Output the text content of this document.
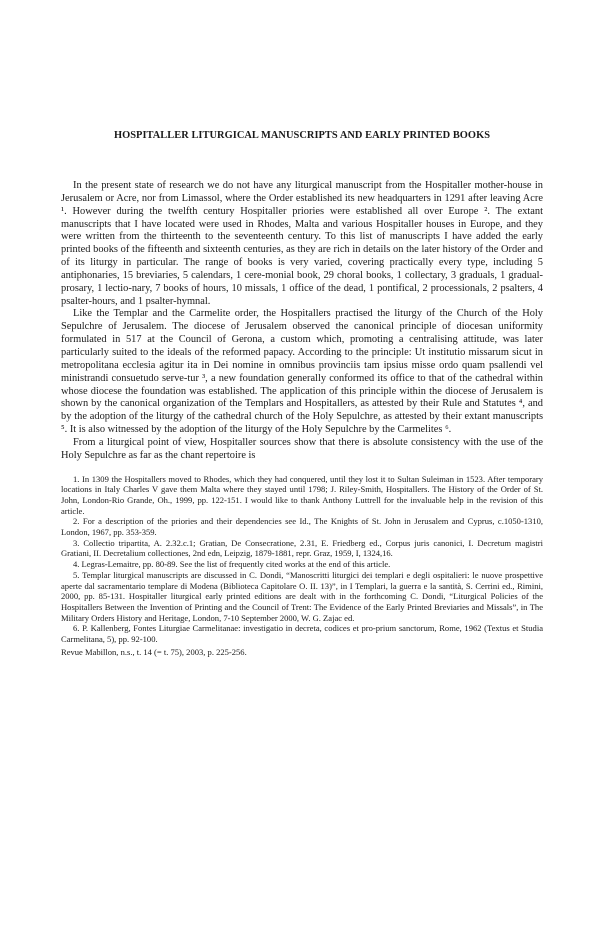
HOSPITALLER LITURGICAL MANUSCRIPTS AND EARLY PRINTED BOOKS

In the present state of research we do not have any liturgical manuscript from the Hospitaller mother-house in Jerusalem or Acre, nor from Limassol, where the Order established its new headquarters in 1291 after leaving Acre ¹. However during the twelfth century Hospitaller priories were established all over Europe ². The extant manuscripts that I have located were used in Rhodes, Malta and various Hospitaller houses in Europe, and they were written from the thirteenth to the seventeenth century. To this list of manuscripts I have added the early printed books of the fifteenth and sixteenth centuries, as they are rich in details on the later history of the Order and of its liturgy in particular. The range of books is very varied, covering practically every type, including 5 antiphonaries, 15 breviaries, 5 calendars, 1 cere-monial book, 29 choral books, 1 collectary, 3 graduals, 1 gradual-prosary, 1 lectio-nary, 7 books of hours, 10 missals, 1 office of the dead, 1 pontifical, 2 processionals, 2 psalters, 4 psalter-hours, and 1 psalter-hymnal.

Like the Templar and the Carmelite order, the Hospitallers practised the liturgy of the Church of the Holy Sepulchre of Jerusalem. The diocese of Jerusalem observed the canonical principle of diocesan uniformity formulated in 517 at the Council of Gerona, a custom which, promoting a centralising attitude, was later particularly suited to the ideals of the reformed papacy. According to the principle: Ut institutio missarum sicut in metropolitana ecclesia agitur ita in Dei nomine in omnibus provinciis tam ipsius misse ordo quam psallendi vel ministrandi consuetudo serve-tur ³, a new foundation generally conformed its office to that of the cathedral within whose diocese the foundation was established. The application of this principle within the diocese of Jerusalem is shown by the canonical organization of the Templars and Hospitallers, as attested by their Rule and Statutes ⁴, and by the adoption of the liturgy of the cathedral church of the Holy Sepulchre, as attested by their extant manuscripts ⁵. It is also witnessed by the adoption of the liturgy of the Holy Sepulchre by the Carmelites ⁶.

From a liturgical point of view, Hospitaller sources show that there is absolute consistency with the use of the Holy Sepulchre as far as the chant repertoire is

1. In 1309 the Hospitallers moved to Rhodes, which they had conquered, until they lost it to Sultan Suleiman in 1523. After temporary locations in Italy Charles V gave them Malta where they stayed until 1798; J. Riley-Smith, Hospitallers. The History of the Order of St. John, London-Rio Grande, Oh., 1999, pp. 122-151. I would like to thank Anthony Luttrell for the invaluable help in the revision of this article.

2. For a description of the priories and their dependencies see Id., The Knights of St. John in Jerusalem and Cyprus, c.1050-1310, London, 1967, pp. 353-359.

3. Collectio tripartita, A. 2.32.c.1; Gratian, De Consecratione, 2.31, E. Friedberg ed., Corpus juris canonici, I. Decretum magistri Gratiani, II. Decretalium collectiones, 2nd edn, Leipzig, 1879-1881, repr. Graz, 1959, I, 1324,16.

4. Legras-Lemaitre, pp. 80-89. See the list of frequently cited works at the end of this article.

5. Templar liturgical manuscripts are discussed in C. Dondi, “Manoscritti liturgici dei templari e degli ospitalieri: le nuove prospettive aperte dal sacramentario templare di Modena (Biblioteca Capitolare O. II. 13)”, in I Templari, la guerra e la santità, S. Cerrini ed., Rimini, 2000, pp. 85-131. Hospitaller liturgical early printed editions are dealt with in the forthcoming C. Dondi, “Liturgical Policies of the Hospitallers Between the Invention of Printing and the Council of Trent: The Evidence of the Early Printed Breviaries and Missals”, in The Military Orders History and Heritage, London, 7-10 September 2000, W. G. Zajac ed.

6. P. Kallenberg, Fontes Liturgiae Carmelitanae: investigatio in decreta, codices et pro-prium sanctorum, Rome, 1962 (Textus et Studia Carmelitana, 5), pp. 92-100.

Revue Mabillon, n.s., t. 14 (= t. 75), 2003, p. 225-256.
